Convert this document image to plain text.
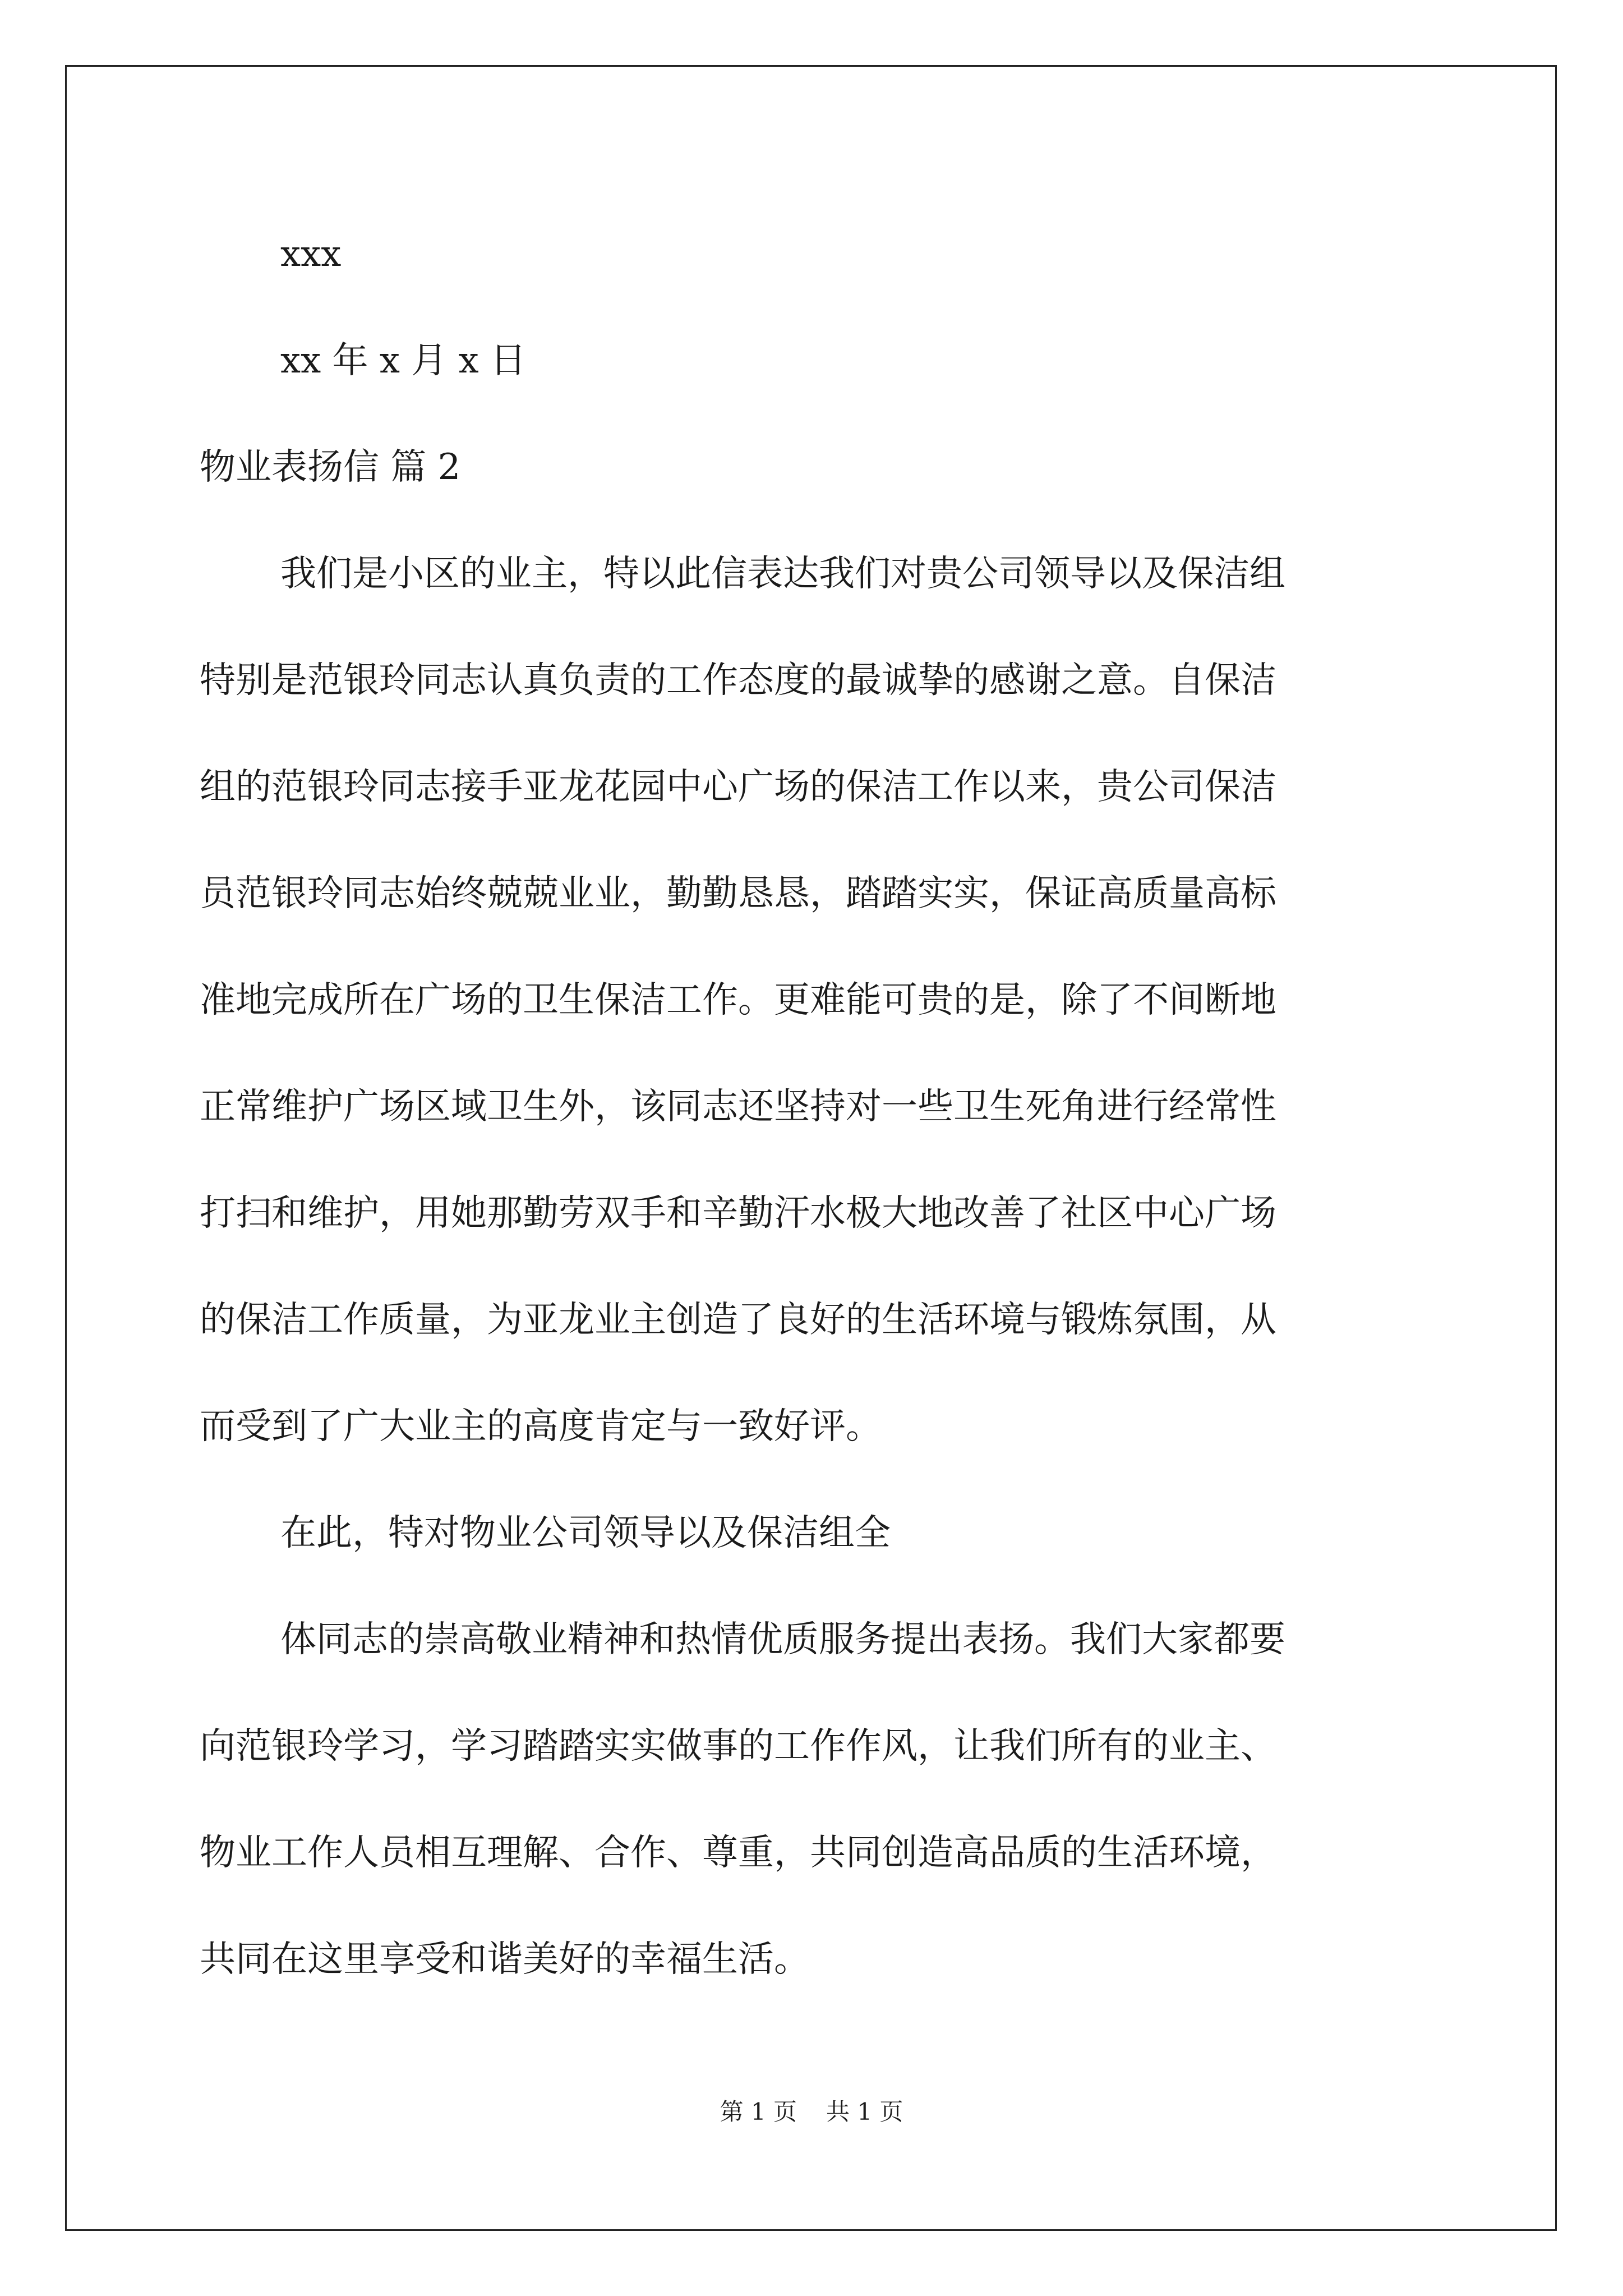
xxx
xx 年 x 月 x 日
物业表扬信 篇 2
我们是小区的业主，特以此信表达我们对贵公司领导以及保洁组
特别是范银玲同志认真负责的工作态度的最诚挚的感谢之意。自保洁
组的范银玲同志接手亚龙花园中心广场的保洁工作以来，贵公司保洁
员范银玲同志始终兢兢业业，勤勤恳恳，踏踏实实，保证高质量高标
准地完成所在广场的卫生保洁工作。更难能可贵的是，除了不间断地
正常维护广场区域卫生外，该同志还坚持对一些卫生死角进行经常性
打扫和维护，用她那勤劳双手和辛勤汗水极大地改善了社区中心广场
的保洁工作质量，为亚龙业主创造了良好的生活环境与锻炼氛围，从
而受到了广大业主的高度肯定与一致好评。
在此，特对物业公司领导以及保洁组全
体同志的崇高敬业精神和热情优质服务提出表扬。我们大家都要
向范银玲学习，学习踏踏实实做事的工作作风，让我们所有的业主、
物业工作人员相互理解、合作、尊重，共同创造高品质的生活环境，
共同在这里享受和谐美好的幸福生活。
第 1 页 共 1 页
